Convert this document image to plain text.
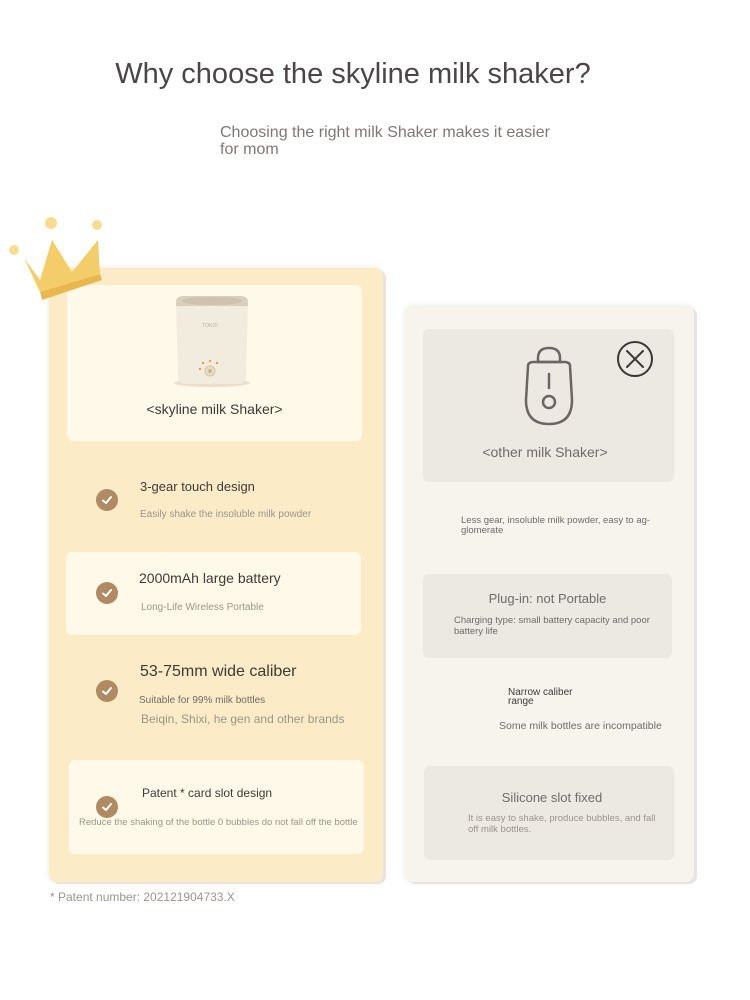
Why choose the skyline milk shaker?
Choosing the right milk Shaker makes it easier for mom
TOKOI
<skyline milk Shaker>
3-gear touch design
Easily shake the insoluble milk powder
2000mAh large battery
Long-Life Wireless Portable
53-75mm wide caliber
Suitable for 99% milk bottles
Beiqin, Shixi, he gen and other brands
Patent * card slot design
Reduce the shaking of the bottle 0 bubbles do not fall off the bottle
<other milk Shaker>
Less gear, insoluble milk powder, easy to ag-glomerate
Plug-in: not Portable
Charging type: small battery capacity and poor battery life
Narrow caliber range
Some milk bottles are incompatible
Silicone slot fixed
It is easy to shake, produce bubbles, and fall off milk bottles.
* Patent number: 202121904733.X
